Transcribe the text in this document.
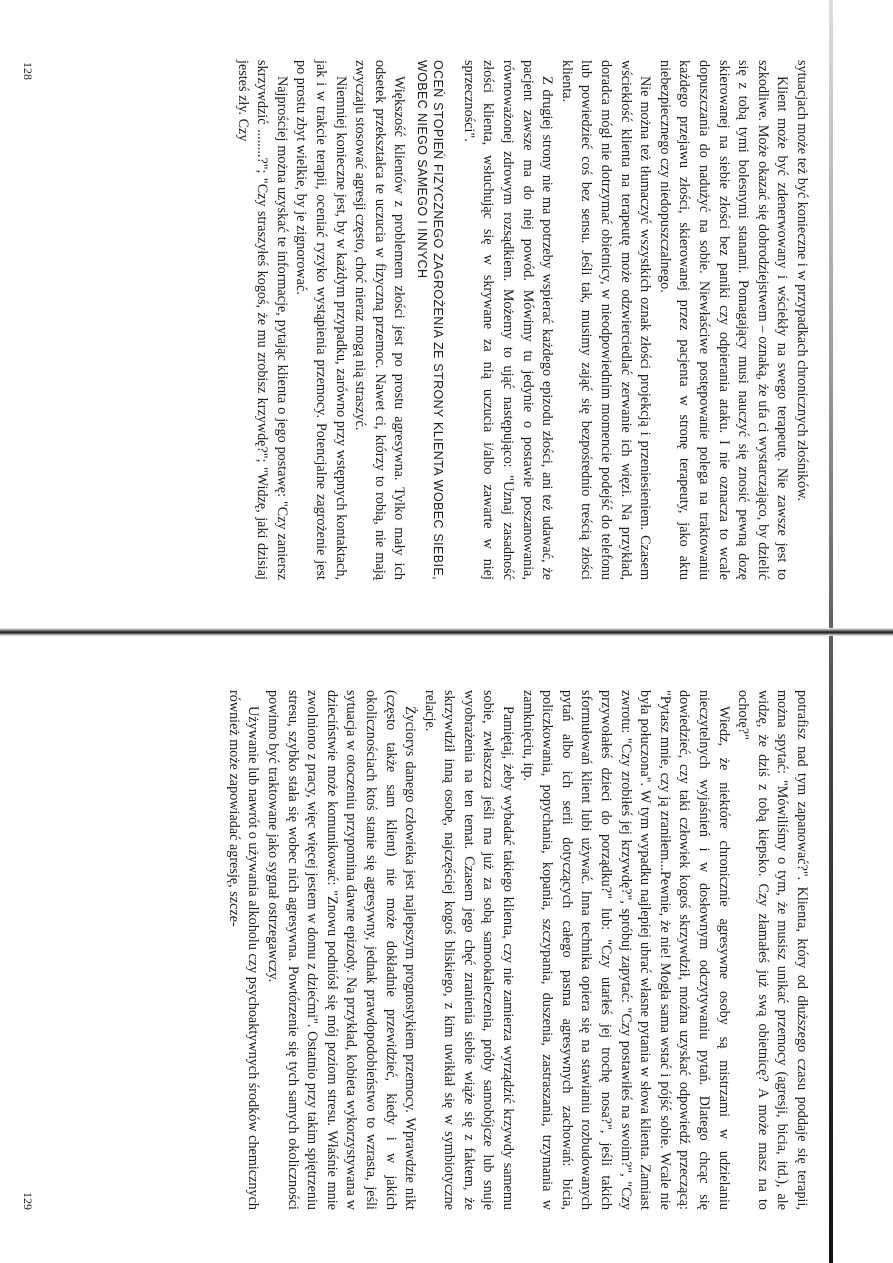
sytuacjach może też być konieczne i w przypadkach chronicznych złośników.

Klient może być zdenerwowany i wściekły na swego terapeutę. Nie zawsze jest to szkodliwe. Może okazać się dobrodziejstwem – oznaką, że ufa ci wystarczająco, by dzielić się z tobą tymi bolesnymi stanami. Pomagający musi nauczyć się znosić pewną dozę skierowanej na siebie złości bez paniki czy odpierania ataku. I nie oznacza to wcale dopuszczania do nadużyć na sobie. Niewłaściwe postępowanie polega na traktowaniu każdego przejawu złości, skierowanej przez pacjenta w stronę terapeuty, jako aktu niebezpiecznego czy niedopuszczalnego.

Nie można też tłumaczyć wszystkich oznak złości projekcją i przeniesieniem. Czasem wściekłość klienta na terapeutę może odzwierciedlać zerwanie ich więzi. Na przykład, doradca mógł nie dotrzymać obietnicy, w nieodpowiednim momencie podejść do telefonu lub powiedzieć coś bez sensu. Jeśli tak, musimy zająć się bezpośrednio treścią złości klienta.

Z drugiej strony nie ma potrzeby wspierać każdego epizodu złości, ani też udawać, że pacjent zawsze ma do niej powód. Mówimy tu jedynie o postawie poszanowania, równoważonej zdrowym rozsądkiem. Możemy to ująć następująco: "Uznaj zasadność złości klienta, wsłuchując się w skrywane za nią uczucia i/albo zawarte w niej sprzeczności".

OCEŃ STOPIEŃ FIZYCZNEGO ZAGROŻENIA ZE STRONY KLIENTA WOBEC SIEBIE, WOBEC NIEGO SAMEGO I INNYCH

Większość klientów z problemem złości jest po prostu agresywna. Tylko mały ich odsetek przekształca te uczucia w fizyczną przemoc. Nawet ci, którzy to robią, nie mają zwyczaju stosować agresji często, choć nieraz mogą nią straszyć.

Niemniej konieczne jest, by w każdym przypadku, zarówno przy wstępnych kontaktach, jak i w trakcie terapii, oceniać ryzyko wystąpienia przemocy. Potencjalne zagrożenie jest po prostu zbyt wielkie, by je zignorować.

Najprościej można uzyskać te informacje, pytając klienta o jego postawę: "Czy zaniersz skrzywdzić ........?"; "Czy straszyłeś kogoś, że mu zrobisz krzywdę?"; "Widzę, jaki dzisiaj jesteś zły. Czy

128

potrafisz nad tym zapanować?". Klienta, który od dłuższego czasu poddaje się terapii, można spytać: "Mówiliśmy o tym, że musisz unikać przemocy (agresji, bicia, itd.), ale widzę, że dziś z tobą kiepsko. Czy złamałeś już swą obietnicę? A może masz na to ochotę?"

Wiedz, że niektóre chronicznie agresywne osoby są mistrzami w udzielaniu nieczytelnych wyjaśnień i w dosłownym odczytywaniu pytań. Dlatego chcąc się dowiedzieć, czy taki człowiek kogoś skrzywdził, można uzyskać odpowiedź przeczącą: "Pytasz mnie, czy ją zraniłem...Pewnie, że nie! Mogła sama wstać i pójść sobie. Wcale nie była połuczona". W tym wypadku najlepiej ubrać własne pytania w słowa klienta. Zamiast zwrotu: "Czy zrobiłeś jej krzywdę?", spróbuj zapytać: "Czy postawiłeś na swoim?", "Czy przywołałeś dzieci do porządku?" lub: "Czy utarłeś jej trochę nosa?", jeśli takich sformułowań klient lubi używać. Inna technika opiera się na stawianiu rozbudowanych pytań albo ich serii dotyczących całego pasma agresywnych zachowań: bicia, policzkowania, popychania, kopania, szczypania, duszenia, zastraszania, trzymania w zamknięciu, itp.

Pamiętaj, żeby wybadać takiego klienta, czy nie zamierza wyrządzić krzywdy samemu sobie, zwłaszcza jeśli ma już za sobą samookaleczenia, próby samobójcze lub snuje wyobrażenia na ten temat. Czasem jego chęć zranienia siebie wiąże się z faktem, że skrzywdził inną osobę, najczęściej kogoś bliskiego, z kim uwikłał się w symbiotyczne relacje.

Życiorys danego człowieka jest najlepszym prognostykiem przemocy. Wprawdzie nikt (często także sam klient) nie może dokładnie przewidzieć, kiedy i w jakich okolicznościach ktoś stanie się agresywny, jednak prawdopodobieństwo to wzrasta, jeśli sytuacja w otoczeniu przypomina dawne epizody. Na przykład, kobieta wykorzystywana w dzieciństwie może komunikować: "Znowu podniósł się mój poziom stresu. Właśnie mnie zwolniono z pracy, więc więcej jestem w domu z dziećmi". Ostatnio przy takim spiętrzeniu stresu, szybko stała się wobec nich agresywna. Powtórzenie się tych samych okoliczności powinno być traktowane jako sygnał ostrzegawczy.

Używanie lub nawrót o używania alkoholu czy psychoaktywnych środków chemicznych również może zapowiadać agresję, szcze-

129
